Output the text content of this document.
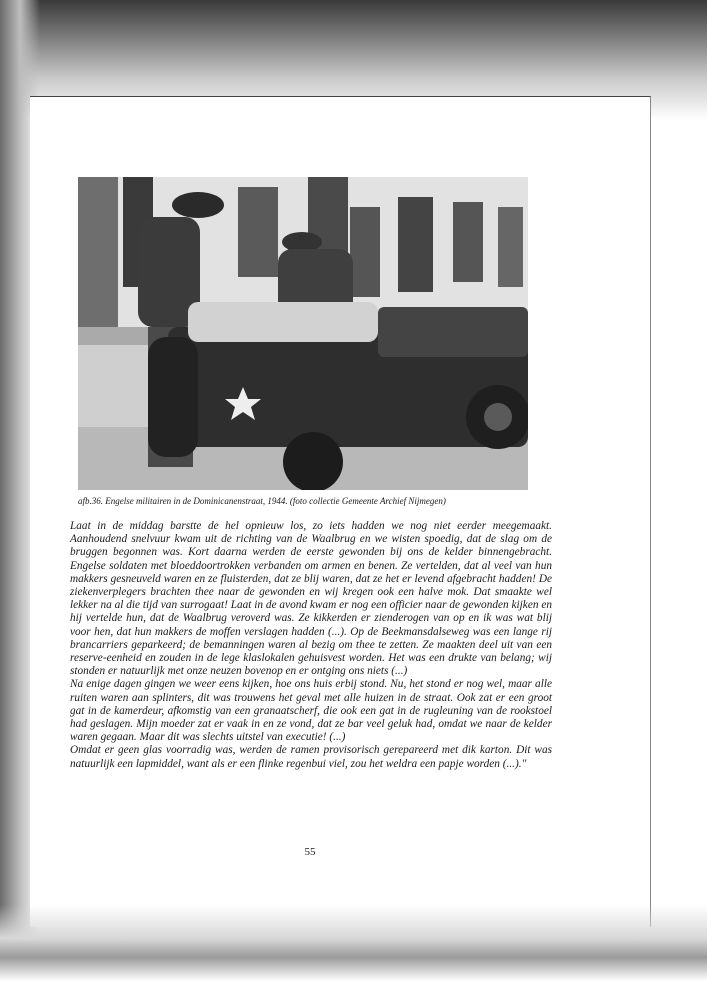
afb.36. Engelse militairen in de Dominicanenstraat, 1944. (foto collectie Gemeente Archief Nijmegen)

Laat in de middag barstte de hel opnieuw los, zo iets hadden we nog niet eerder meegemaakt. Aanhoudend snelvuur kwam uit de richting van de Waalbrug en we wisten spoedig, dat de slag om de bruggen begonnen was. Kort daarna werden de eerste gewonden bij ons de kelder binnengebracht. Engelse soldaten met bloeddoortrokken verbanden om armen en benen. Ze vertelden, dat al veel van hun makkers gesneuveld waren en ze fluisterden, dat ze blij waren, dat ze het er levend afgebracht hadden! De ziekenverplegers brachten thee naar de gewonden en wij kregen ook een halve mok. Dat smaakte wel lekker na al die tijd van surrogaat! Laat in de avond kwam er nog een officier naar de gewonden kijken en hij vertelde hun, dat de Waalbrug veroverd was. Ze kikkerden er zienderogen van op en ik was wat blij voor hen, dat hun makkers de moffen verslagen hadden (...). Op de Beekmansdalseweg was een lange rij brancarriers geparkeerd; de bemanningen waren al bezig om thee te zetten. Ze maakten deel uit van een reserve-eenheid en zouden in de lege klaslokalen gehuisvest worden. Het was een drukte van belang; wij stonden er natuurlijk met onze neuzen bovenop en er ontging ons niets (...)

Na enige dagen gingen we weer eens kijken, hoe ons huis erbij stond. Nu, het stond er nog wel, maar alle ruiten waren aan splinters, dit was trouwens het geval met alle huizen in de straat. Ook zat er een groot gat in de kamerdeur, afkomstig van een granaatscherf, die ook een gat in de rugleuning van de rookstoel had geslagen. Mijn moeder zat er vaak in en ze vond, dat ze bar veel geluk had, omdat we naar de kelder waren gegaan. Maar dit was slechts uitstel van executie! (...)

Omdat er geen glas voorradig was, werden de ramen provisorisch gerepareerd met dik karton. Dit was natuurlijk een lapmiddel, want als er een flinke regenbui viel, zou het weldra een papje worden (...)."

55
